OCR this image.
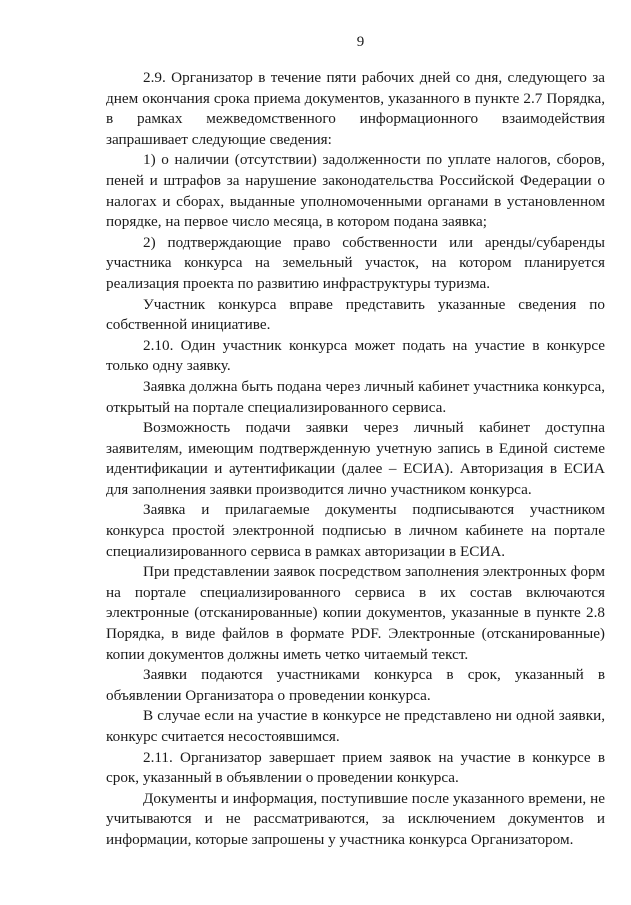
9

2.9. Организатор в течение пяти рабочих дней со дня, следующего за днем окончания срока приема документов, указанного в пункте 2.7 Порядка, в рамках межведомственного информационного взаимодействия запрашивает следующие сведения:

1) о наличии (отсутствии) задолженности по уплате налогов, сборов, пеней и штрафов за нарушение законодательства Российской Федерации о налогах и сборах, выданные уполномоченными органами в установленном порядке, на первое число месяца, в котором подана заявка;

2) подтверждающие право собственности или аренды/субаренды участника конкурса на земельный участок, на котором планируется реализация проекта по развитию инфраструктуры туризма.

Участник конкурса вправе представить указанные сведения по собственной инициативе.

2.10. Один участник конкурса может подать на участие в конкурсе только одну заявку.

Заявка должна быть подана через личный кабинет участника конкурса, открытый на портале специализированного сервиса.

Возможность подачи заявки через личный кабинет доступна заявителям, имеющим подтвержденную учетную запись в Единой системе идентификации и аутентификации (далее – ЕСИА). Авторизация в ЕСИА для заполнения заявки производится лично участником конкурса.

Заявка и прилагаемые документы подписываются участником конкурса простой электронной подписью в личном кабинете на портале специализированного сервиса в рамках авторизации в ЕСИА.

При представлении заявок посредством заполнения электронных форм на портале специализированного сервиса в их состав включаются электронные (отсканированные) копии документов, указанные в пункте 2.8 Порядка, в виде файлов в формате PDF. Электронные (отсканированные) копии документов должны иметь четко читаемый текст.

Заявки подаются участниками конкурса в срок, указанный в объявлении Организатора о проведении конкурса.

В случае если на участие в конкурсе не представлено ни одной заявки, конкурс считается несостоявшимся.

2.11. Организатор завершает прием заявок на участие в конкурсе в срок, указанный в объявлении о проведении конкурса.

Документы и информация, поступившие после указанного времени, не учитываются и не рассматриваются, за исключением документов и информации, которые запрошены у участника конкурса Организатором.
